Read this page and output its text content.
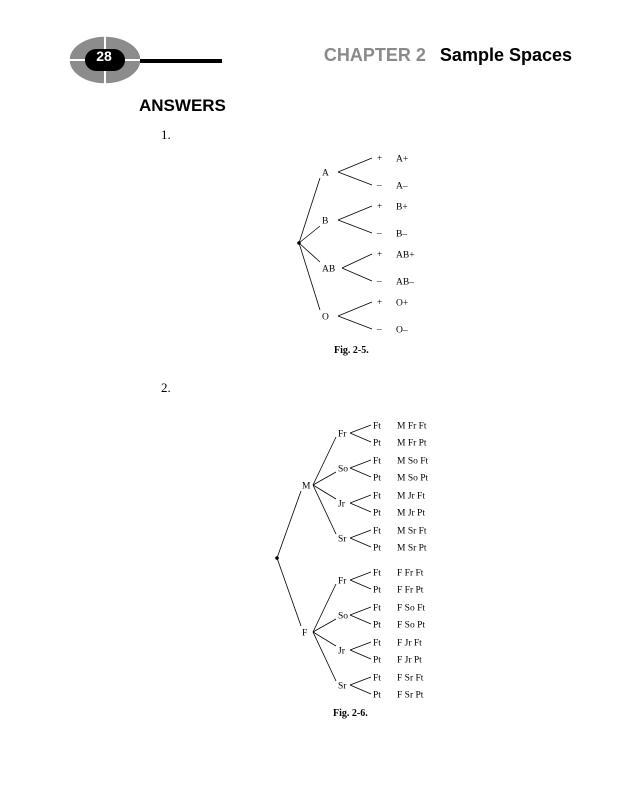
28	CHAPTER 2 Sample Spaces
ANSWERS
1.
2.
A
+ A+
– A–
B
+ B+
– B–
AB
+ AB+
– AB–
O
+ O+
– O–
M
Fr
Ft M Fr Ft
Pt M Fr Pt
So
Ft M So Ft
Pt M So Pt
Jr
Ft M Jr Ft
Pt M Jr Pt
Sr
Ft M Sr Ft
Pt M Sr Pt
F
Fr
Ft F Fr Ft
Pt F Fr Pt
So
Ft F So Ft
Pt F So Pt
Jr
Ft F Jr Ft
Pt F Jr Pt
Sr
Ft F Sr Ft
Pt F Sr Pt
Fig. 2-5.
Fig. 2-6.
